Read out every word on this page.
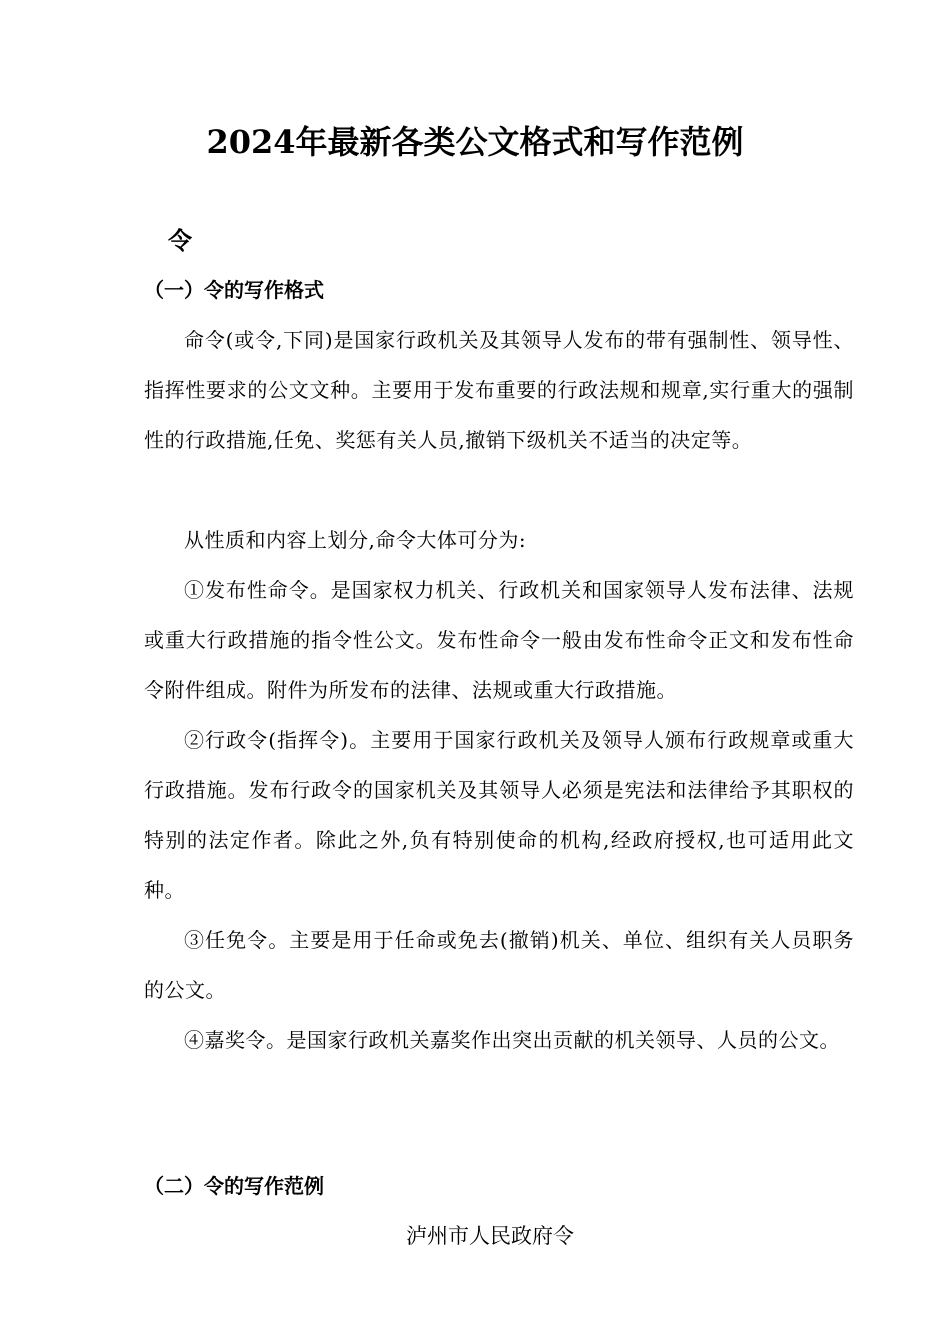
2024年最新各类公文格式和写作范例
令
（一）令的写作格式
命令(或令,下同)是国家行政机关及其领导人发布的带有强制性、领导性、指挥性要求的公文文种。主要用于发布重要的行政法规和规章,实行重大的强制性的行政措施,任免、奖惩有关人员,撤销下级机关不适当的决定等。
从性质和内容上划分,命令大体可分为:
①发布性命令。是国家权力机关、行政机关和国家领导人发布法律、法规或重大行政措施的指令性公文。发布性命令一般由发布性命令正文和发布性命令附件组成。附件为所发布的法律、法规或重大行政措施。
②行政令(指挥令)。主要用于国家行政机关及领导人颁布行政规章或重大行政措施。发布行政令的国家机关及其领导人必须是宪法和法律给予其职权的特别的法定作者。除此之外,负有特别使命的机构,经政府授权,也可适用此文种。
③任免令。主要是用于任命或免去(撤销)机关、单位、组织有关人员职务的公文。
④嘉奖令。是国家行政机关嘉奖作出突出贡献的机关领导、人员的公文。
（二）令的写作范例
泸州市人民政府令
